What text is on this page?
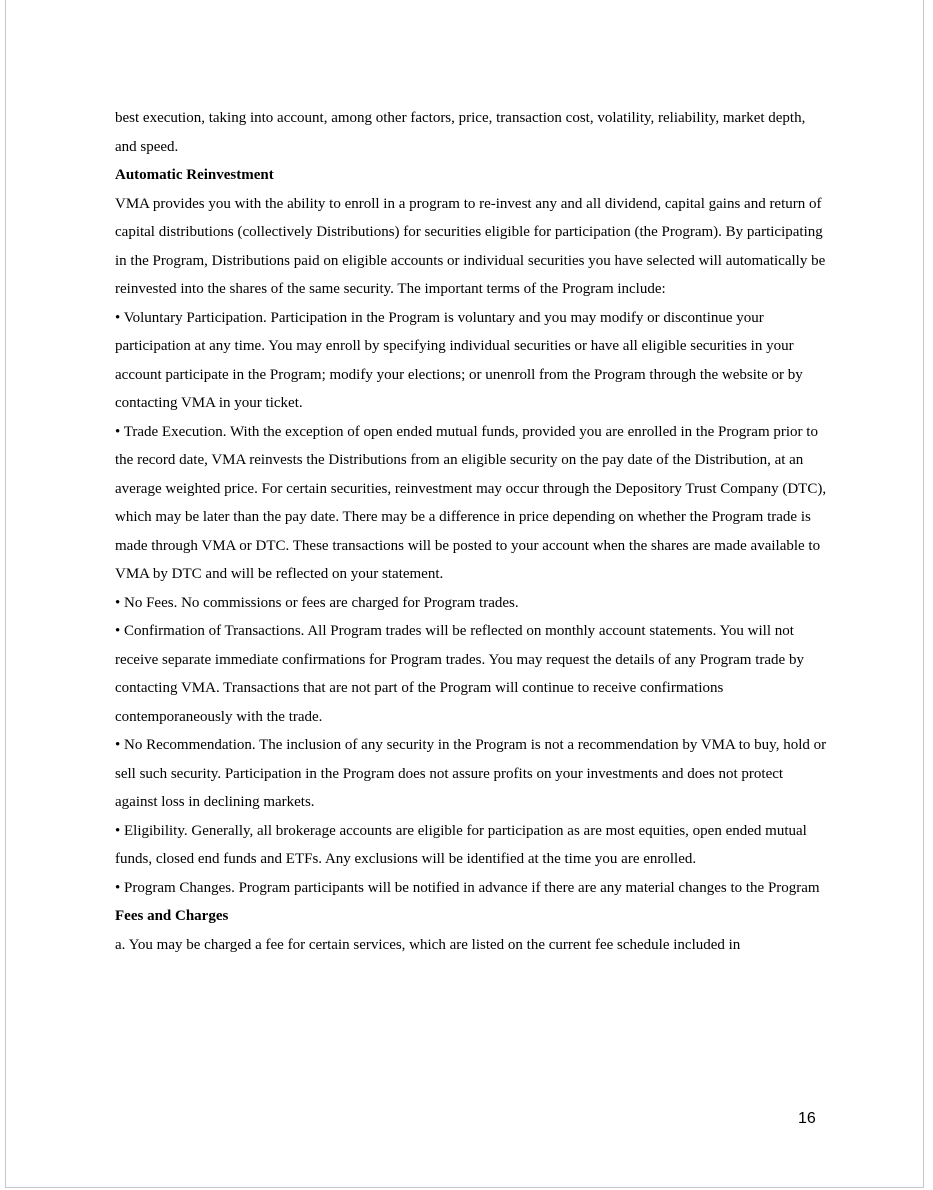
best execution, taking into account, among other factors, price, transaction cost, volatility, reliability, market depth, and speed.

Automatic Reinvestment

VMA provides you with the ability to enroll in a program to re-invest any and all dividend, capital gains and return of capital distributions (collectively Distributions) for securities eligible for participation (the Program). By participating in the Program, Distributions paid on eligible accounts or individual securities you have selected will automatically be reinvested into the shares of the same security. The important terms of the Program include:

• Voluntary Participation. Participation in the Program is voluntary and you may modify or discontinue your participation at any time. You may enroll by specifying individual securities or have all eligible securities in your account participate in the Program; modify your elections; or unenroll from the Program through the website or by contacting VMA in your ticket.

• Trade Execution. With the exception of open ended mutual funds, provided you are enrolled in the Program prior to the record date, VMA reinvests the Distributions from an eligible security on the pay date of the Distribution, at an average weighted price. For certain securities, reinvestment may occur through the Depository Trust Company (DTC), which may be later than the pay date. There may be a difference in price depending on whether the Program trade is made through VMA or DTC. These transactions will be posted to your account when the shares are made available to VMA by DTC and will be reflected on your statement.

• No Fees. No commissions or fees are charged for Program trades.

• Confirmation of Transactions. All Program trades will be reflected on monthly account statements. You will not receive separate immediate confirmations for Program trades. You may request the details of any Program trade by contacting VMA. Transactions that are not part of the Program will continue to receive confirmations contemporaneously with the trade.

• No Recommendation. The inclusion of any security in the Program is not a recommendation by VMA to buy, hold or sell such security. Participation in the Program does not assure profits on your investments and does not protect against loss in declining markets.

• Eligibility. Generally, all brokerage accounts are eligible for participation as are most equities, open ended mutual funds, closed end funds and ETFs. Any exclusions will be identified at the time you are enrolled.

• Program Changes. Program participants will be notified in advance if there are any material changes to the Program

Fees and Charges

a. You may be charged a fee for certain services, which are listed on the current fee schedule included in

16
